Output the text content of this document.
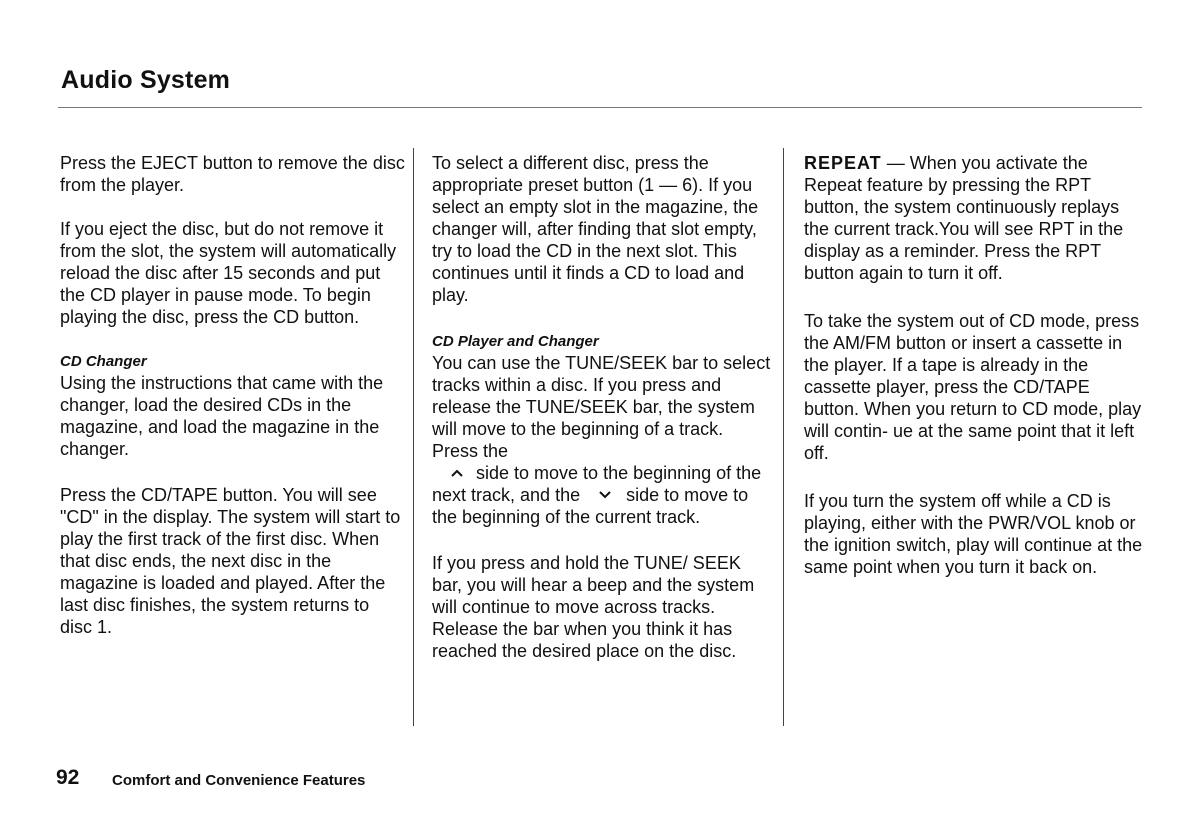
Audio System

Press the EJECT button to remove the disc from the player.

If you eject the disc, but do not remove it from the slot, the system will automatically reload the disc after 15 seconds and put the CD player in pause mode. To begin playing the disc, press the CD button.

CD Changer

Using the instructions that came with the changer, load the desired CDs in the magazine, and load the magazine in the changer.

Press the CD/TAPE button. You will see "CD" in the display. The system will start to play the first track of the first disc. When that disc ends, the next disc in the magazine is loaded and played. After the last disc finishes, the system returns to disc 1.

To select a different disc, press the appropriate preset button (1 — 6). If you select an empty slot in the magazine, the changer will, after finding that slot empty, try to load the CD in the next slot. This continues until it finds a CD to load and play.

CD Player and Changer

You can use the TUNE/SEEK bar to select tracks within a disc. If you press and release the TUNE/SEEK bar, the system will move to the beginning of a track. Press the
side to move to the beginning of the next track, and the	side to move to the beginning of the current track.

If you press and hold the TUNE/ SEEK bar, you will hear a beep and the system will continue to move across tracks. Release the bar when you think it has reached the desired place on the disc.

REPEAT — When you activate the Repeat feature by pressing the RPT button, the system continuously replays the current track.You will see RPT in the display as a reminder. Press the RPT button again to turn it off.

To take the system out of CD mode, press the AM/FM button or insert a cassette in the player. If a tape is already in the cassette player, press the CD/TAPE button. When you return to CD mode, play will contin- ue at the same point that it left off.

If you turn the system off while a CD is playing, either with the PWR/VOL knob or the ignition switch, play will continue at the same point when you turn it back on.

92 Comfort and Convenience Features
